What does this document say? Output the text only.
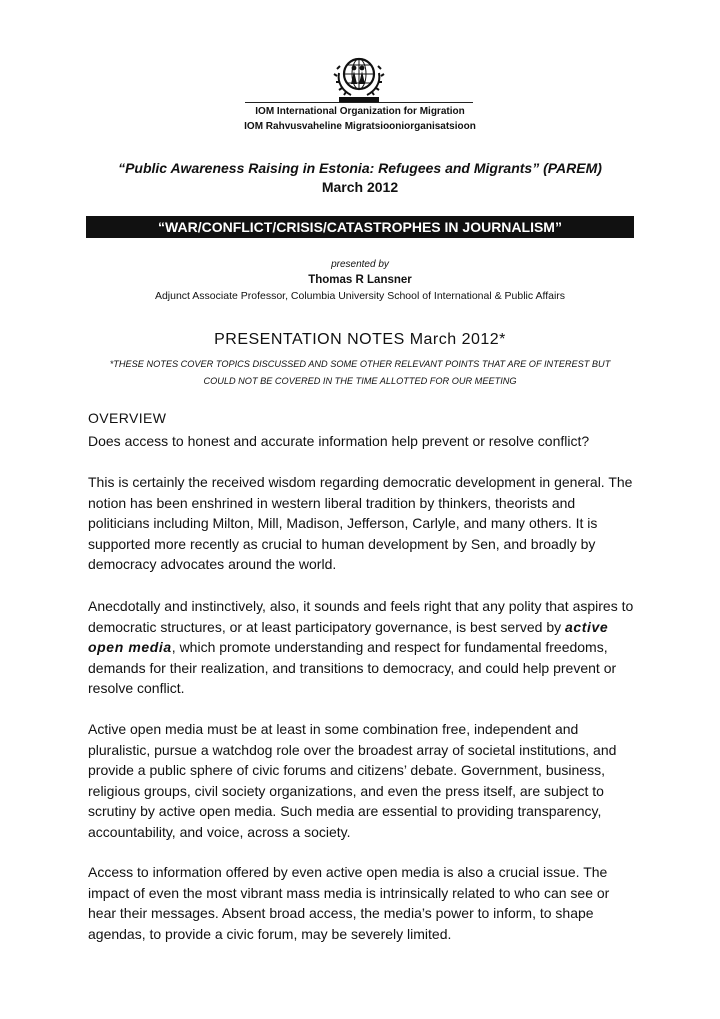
IOM International Organization for Migration
IOM Rahvusvaheline Migratsiooniorganisatsioon
“Public Awareness Raising in Estonia: Refugees and Migrants” (PAREM)
March 2012
“WAR/CONFLICT/CRISIS/CATASTROPHES IN JOURNALISM”
presented by
Thomas R Lansner
Adjunct Associate Professor, Columbia University School of International & Public Affairs
PRESENTATION NOTES March 2012*
*THESE NOTES COVER TOPICS DISCUSSED AND SOME OTHER RELEVANT POINTS THAT ARE OF INTEREST BUT
COULD NOT BE COVERED IN THE TIME ALLOTTED FOR OUR MEETING
OVERVIEW
Does access to honest and accurate information help prevent or resolve conflict?
This is certainly the received wisdom regarding democratic development in general. The notion has been enshrined in western liberal tradition by thinkers, theorists and politicians including Milton, Mill, Madison, Jefferson, Carlyle, and many others. It is supported more recently as crucial to human development by Sen, and broadly by democracy advocates around the world.
Anecdotally and instinctively, also, it sounds and feels right that any polity that aspires to democratic structures, or at least participatory governance, is best served by active open media, which promote understanding and respect for fundamental freedoms, demands for their realization, and transitions to democracy, and could help prevent or resolve conflict.
Active open media must be at least in some combination free, independent and pluralistic, pursue a watchdog role over the broadest array of societal institutions, and provide a public sphere of civic forums and citizens’ debate. Government, business, religious groups, civil society organizations, and even the press itself, are subject to scrutiny by active open media. Such media are essential to providing transparency, accountability, and voice, across a society.
Access to information offered by even active open media is also a crucial issue. The impact of even the most vibrant mass media is intrinsically related to who can see or hear their messages. Absent broad access, the media’s power to inform, to shape agendas, to provide a civic forum, may be severely limited.
